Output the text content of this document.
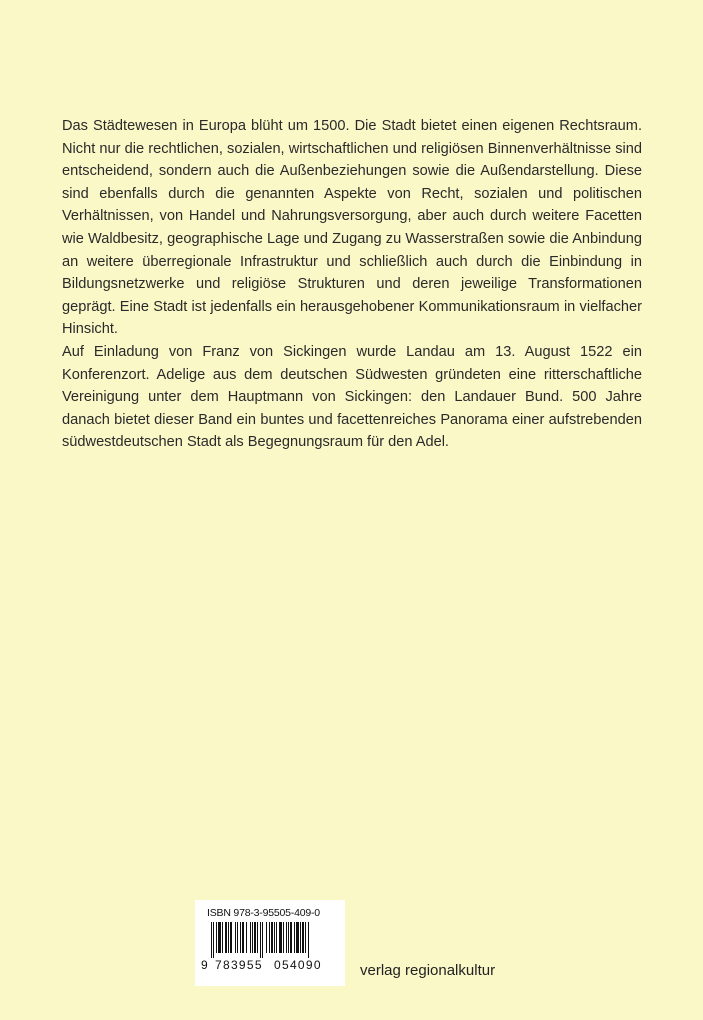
Das Städtewesen in Europa blüht um 1500. Die Stadt bietet einen eigenen Rechtsraum. Nicht nur die rechtlichen, sozialen, wirtschaftlichen und religiösen Binnenverhältnisse sind entscheidend, sondern auch die Außenbeziehungen sowie die Außendarstellung. Diese sind ebenfalls durch die genannten Aspekte von Recht, sozialen und politischen Verhältnissen, von Handel und Nahrungsversorgung, aber auch durch weitere Facetten wie Waldbesitz, geographische Lage und Zugang zu Wasserstraßen sowie die Anbindung an weitere überregionale Infrastruktur und schließlich auch durch die Einbindung in Bildungsnetzwerke und religiöse Strukturen und deren jeweilige Transformationen geprägt. Eine Stadt ist jedenfalls ein herausgehobener Kommunikationsraum in vielfacher Hinsicht.

Auf Einladung von Franz von Sickingen wurde Landau am 13. August 1522 ein Konferenzort. Adelige aus dem deutschen Südwesten gründeten eine ritterschaftliche Vereinigung unter dem Hauptmann von Sickingen: den Landauer Bund. 500 Jahre danach bietet dieser Band ein buntes und facettenreiches Panorama einer aufstrebenden südwestdeutschen Stadt als Begegnungsraum für den Adel.

ISBN 978-3-95505-409-0
9 783955 054090	verlag regionalkultur
